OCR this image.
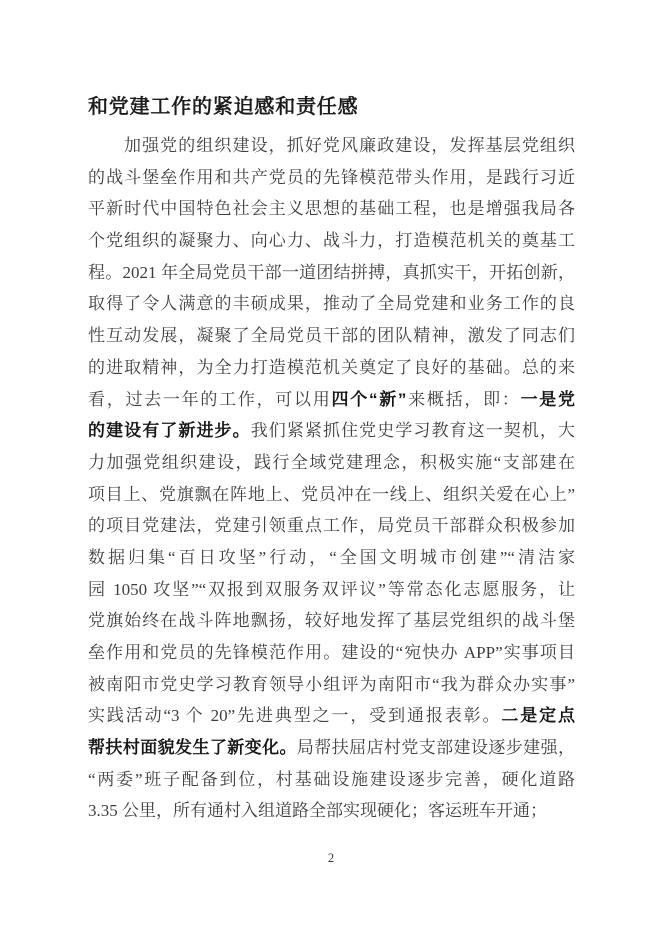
和党建工作的紧迫感和责任感
加强党的组织建设，抓好党风廉政建设，发挥基层党组织
的战斗堡垒作用和共产党员的先锋模范带头作用，是践行习近
平新时代中国特色社会主义思想的基础工程，也是增强我局各
个党组织的凝聚力、向心力、战斗力，打造模范机关的奠基工
程。2021 年全局党员干部一道团结拼搏，真抓实干，开拓创新，
取得了令人满意的丰硕成果，推动了全局党建和业务工作的良
性互动发展，凝聚了全局党员干部的团队精神，激发了同志们
的进取精神，为全力打造模范机关奠定了良好的基础。总的来
看，过去一年的工作，可以用四个“新”来概括，即：一是党
的建设有了新进步。我们紧紧抓住党史学习教育这一契机，大
力加强党组织建设，践行全域党建理念，积极实施“支部建在
项目上、党旗飘在阵地上、党员冲在一线上、组织关爱在心上”
的项目党建法，党建引领重点工作，局党员干部群众积极参加
数据归集“百日攻坚”行动，“全国文明城市创建”“清洁家
园 1050 攻坚”“双报到双服务双评议”等常态化志愿服务，让
党旗始终在战斗阵地飘扬，较好地发挥了基层党组织的战斗堡
垒作用和党员的先锋模范作用。建设的“宛快办 APP”实事项目
被南阳市党史学习教育领导小组评为南阳市“我为群众办实事”
实践活动“3 个 20”先进典型之一，受到通报表彰。二是定点
帮扶村面貌发生了新变化。局帮扶屈店村党支部建设逐步建强，
“两委”班子配备到位，村基础设施建设逐步完善，硬化道路
3.35 公里，所有通村入组道路全部实现硬化；客运班车开通；
2
